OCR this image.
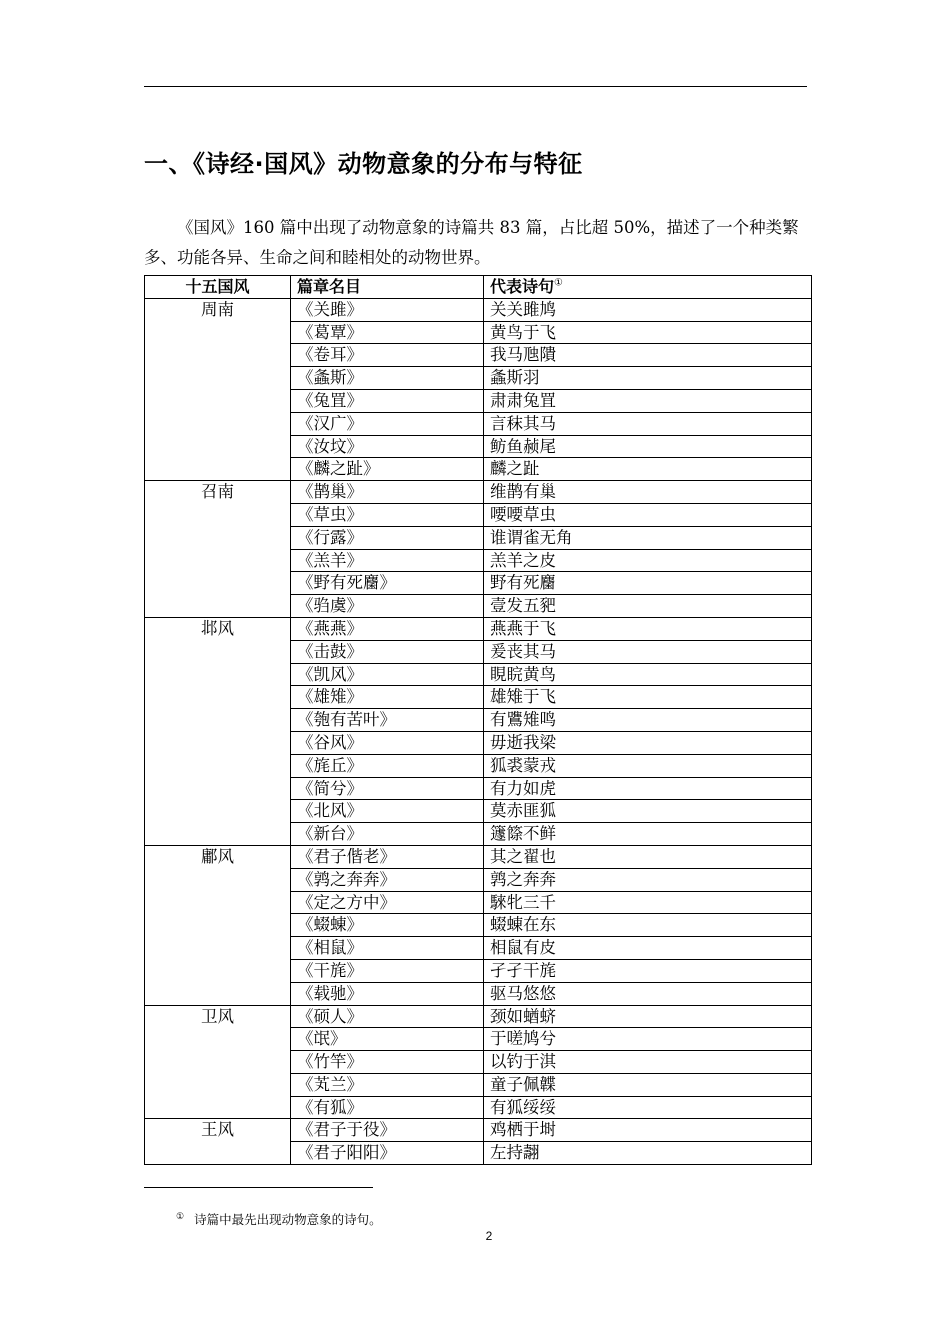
一、《诗经·国风》动物意象的分布与特征

《国风》160 篇中出现了动物意象的诗篇共 83 篇，占比超 50%，描述了一个种类繁多、功能各异、生命之间和睦相处的动物世界。

十五国风	篇章名目	代表诗句①
周南	《关雎》	关关雎鸠
	《葛覃》	黄鸟于飞
	《卷耳》	我马虺隤
	《螽斯》	螽斯羽
	《兔罝》	肃肃兔罝
	《汉广》	言秣其马
	《汝坟》	鲂鱼赪尾
	《麟之趾》	麟之趾
召南	《鹊巢》	维鹊有巢
	《草虫》	喓喓草虫
	《行露》	谁谓雀无角
	《羔羊》	羔羊之皮
	《野有死麕》	野有死麕
	《驺虞》	壹发五豝
邶风	《燕燕》	燕燕于飞
	《击鼓》	爰丧其马
	《凯风》	睍睆黄鸟
	《雄雉》	雄雉于飞
	《匏有苦叶》	有鷕雉鸣
	《谷风》	毋逝我梁
	《旄丘》	狐裘蒙戎
	《简兮》	有力如虎
	《北风》	莫赤匪狐
	《新台》	籧篨不鲜
鄘风	《君子偕老》	其之翟也
	《鹑之奔奔》	鹑之奔奔
	《定之方中》	騋牝三千
	《蝃蝀》	蝃蝀在东
	《相鼠》	相鼠有皮
	《干旄》	孑孑干旄
	《载驰》	驱马悠悠
卫风	《硕人》	颈如蝤蛴
	《氓》	于嗟鸠兮
	《竹竿》	以钓于淇
	《芄兰》	童子佩韘
	《有狐》	有狐绥绥
王风	《君子于役》	鸡栖于埘
	《君子阳阳》	左持翿
① 诗篇中最先出现动物意象的诗句。
2
